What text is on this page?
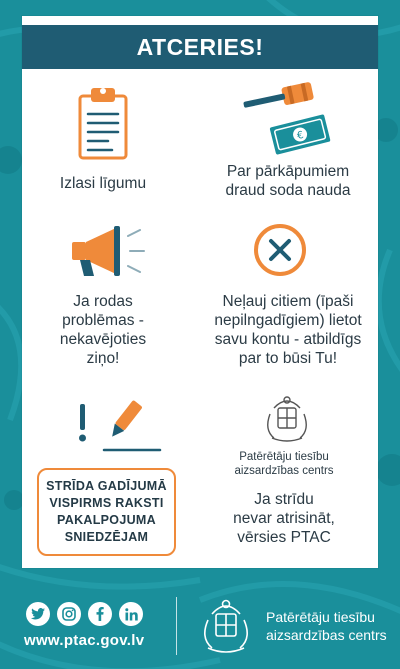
ATCERIES!
Izlasi līgumu
€
Par pārkāpumiem
draud soda nauda
Ja rodas
problēmas -
nekavējoties
ziņo!
Neļauj citiem (īpaši
nepilngadīgiem) lietot
savu kontu - atbildīgs
par to būsi Tu!
STRĪDA GADĪJUMĀ
VISPIRMS RAKSTI
PAKALPOJUMA
SNIEDZĒJAM
Patērētāju tiesību
aizsardzības centrs
Ja strīdu
nevar atrisināt,
vērsies PTAC
www.ptac.gov.lv
Patērētāju tiesību
aizsardzības centrs
